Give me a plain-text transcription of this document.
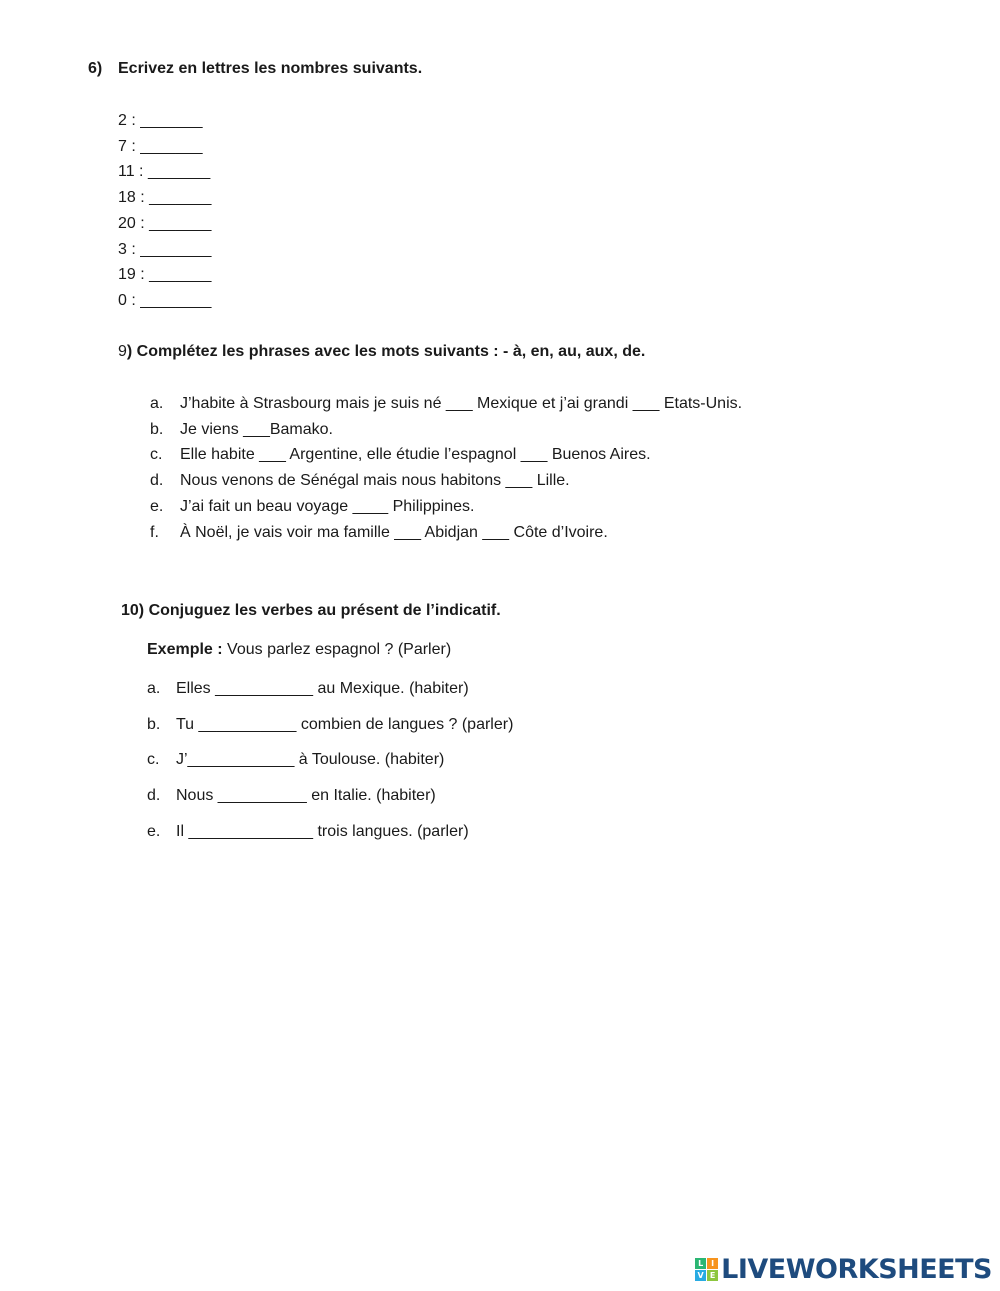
6) Ecrivez en lettres les nombres suivants.
2 : _______
7 : _______
11 : _______
18 : _______
20 : _______
3 : ________
19 : _______
0 : ________
9) Complétez les phrases avec les mots suivants : - à, en, au, aux, de.
a. J’habite à Strasbourg mais je suis né ___ Mexique et j’ai grandi ___ Etats-Unis.
b. Je viens ___Bamako.
c. Elle habite ___ Argentine, elle étudie l’espagnol ___ Buenos Aires.
d. Nous venons de Sénégal mais nous habitons ___ Lille.
e. J’ai fait un beau voyage ____ Philippines.
f. À Noël, je vais voir ma famille ___ Abidjan ___ Côte d’Ivoire.
10) Conjuguez les verbes au présent de l’indicatif.
Exemple : Vous parlez espagnol ? (Parler)
a. Elles ___________ au Mexique. (habiter)
b. Tu ___________ combien de langues ? (parler)
c. J’____________ à Toulouse. (habiter)
d. Nous __________ en Italie. (habiter)
e. Il ______________ trois langues. (parler)
L I
V E LIVEWORKSHEETS
